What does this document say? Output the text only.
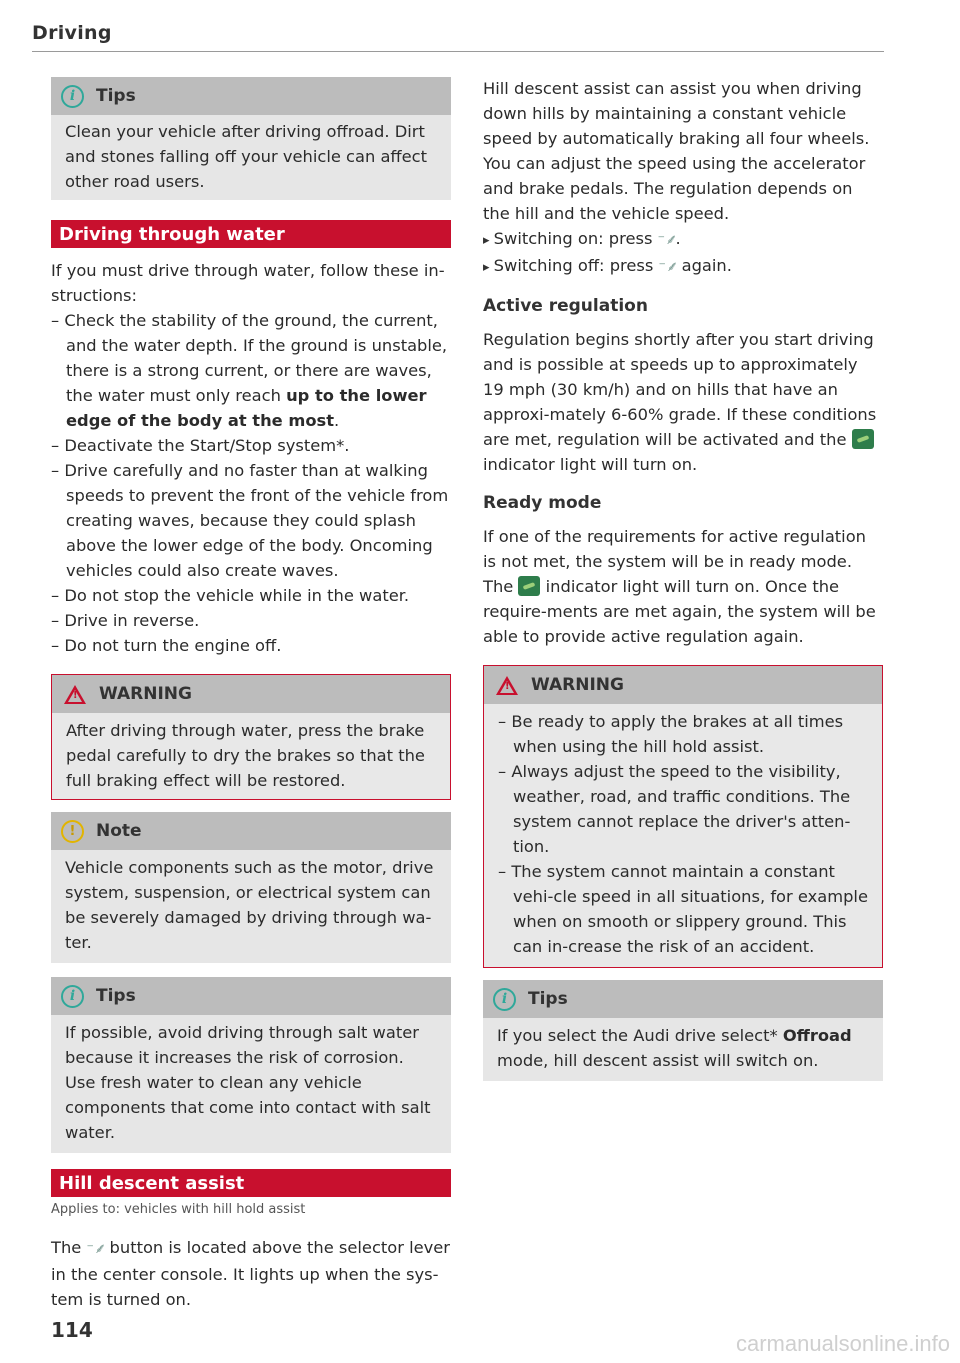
Driving
i	Tips

Clean your vehicle after driving offroad. Dirt and stones falling off your vehicle can affect other road users.

Driving through water

If you must drive through water, follow these in-structions:

– Check the stability of the ground, the current, and the water depth. If the ground is unstable, there is a strong current, or there are waves, the water must only reach up to the lower edge of the body at the most.
– Deactivate the Start/Stop system*.
– Drive carefully and no faster than at walking speeds to prevent the front of the vehicle from creating waves, because they could splash above the lower edge of the body. Oncoming vehicles could also create waves.
– Do not stop the vehicle while in the water.
– Drive in reverse.
– Do not turn the engine off.
! WARNING

After driving through water, press the brake pedal carefully to dry the brakes so that the full braking effect will be restored.

!	Note

Vehicle components such as the motor, drive system, suspension, or electrical system can be severely damaged by driving through wa-ter.

i	Tips

If possible, avoid driving through salt water because it increases the risk of corrosion. Use fresh water to clean any vehicle components that come into contact with salt water.

Hill descent assist

Applies to: vehicles with hill hold assist

The ⁻⸙ button is located above the selector lever in the center console. It lights up when the sys-tem is turned on.

Hill descent assist can assist you when driving down hills by maintaining a constant vehicle speed by automatically braking all four wheels. You can adjust the speed using the accelerator and brake pedals. The regulation depends on the hill and the vehicle speed.

▸ Switching on: press ⁻⸙.
▸ Switching off: press ⁻⸙ again.

Active regulation

Regulation begins shortly after you start driving and is possible at speeds up to approximately 19 mph (30 km/h) and on hills that have an approxi-mately 6-60% grade. If these conditions are met, regulation will be activated and the  indicator light will turn on.

Ready mode

If one of the requirements for active regulation is not met, the system will be in ready mode. The  indicator light will turn on. Once the require-ments are met again, the system will be able to provide active regulation again.

! WARNING
– Be ready to apply the brakes at all times when using the hill hold assist.
– Always adjust the speed to the visibility, weather, road, and traffic conditions. The system cannot replace the driver's atten-tion.
– The system cannot maintain a constant vehi-cle speed in all situations, for example when on smooth or slippery ground. This can in-crease the risk of an accident.
i	Tips

If you select the Audi drive select* Offroad mode, hill descent assist will switch on.

114
carmanualsonline.info
